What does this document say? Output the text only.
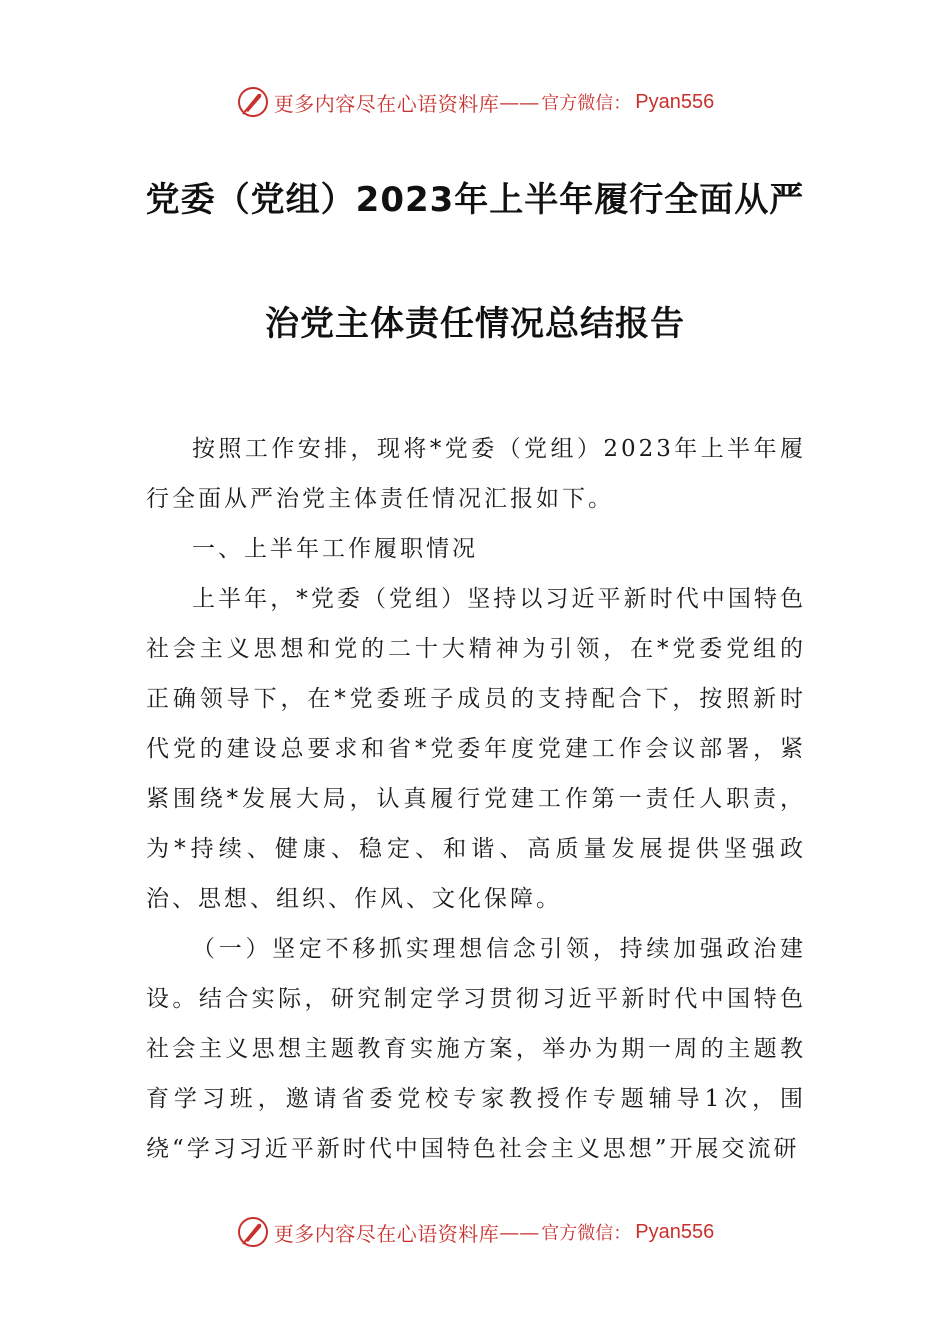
更多内容尽在心语资料库 —— 官方微信： Pyan556
党委（党组）2023年上半年履行全面从严
治党主体责任情况总结报告

按照工作安排，现将*党委（党组）2023年上半年履行全面从严治党主体责任情况汇报如下。

一、上半年工作履职情况

上半年，*党委（党组）坚持以习近平新时代中国特色社会主义思想和党的二十大精神为引领，在*党委党组的正确领导下，在*党委班子成员的支持配合下，按照新时代党的建设总要求和省*党委年度党建工作会议部署，紧紧围绕*发展大局，认真履行党建工作第一责任人职责，为*持续、健康、稳定、和谐、高质量发展提供坚强政治、思想、组织、作风、文化保障。

（一）坚定不移抓实理想信念引领，持续加强政治建设。结合实际，研究制定学习贯彻习近平新时代中国特色社会主义思想主题教育实施方案，举办为期一周的主题教育学习班，邀请省委党校专家教授作专题辅导1次，围绕“学习习近平新时代中国特色社会主义思想”开展交流研

更多内容尽在心语资料库 —— 官方微信： Pyan556
